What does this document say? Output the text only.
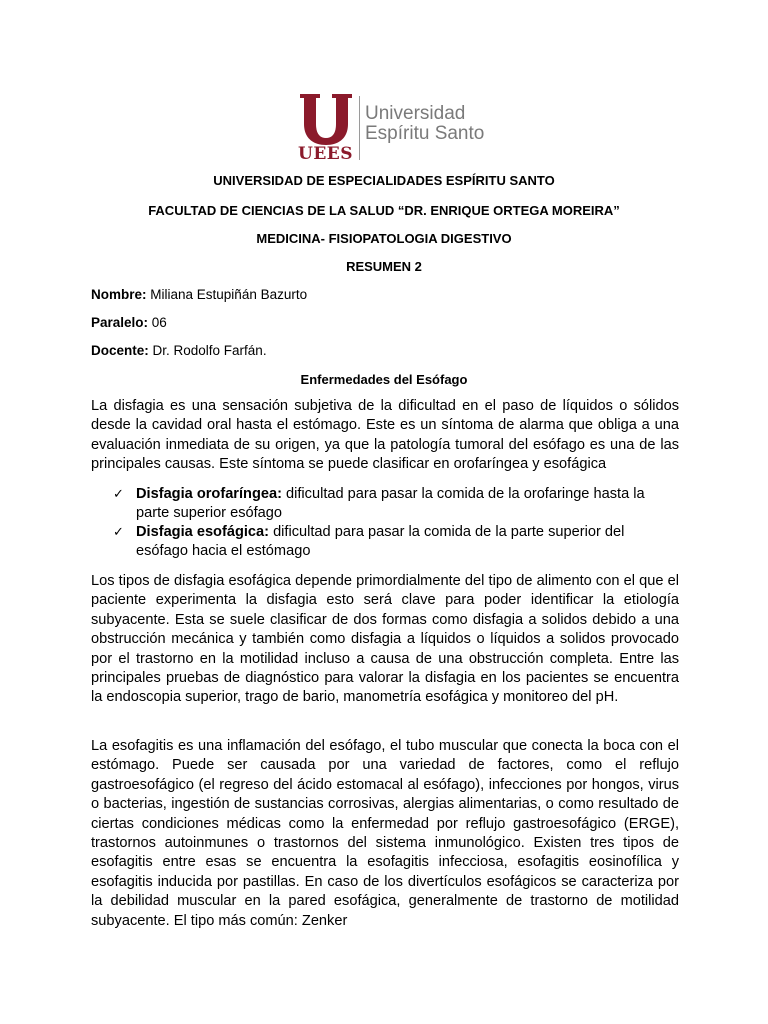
UEES
Universidad
Espíritu Santo
UNIVERSIDAD DE ESPECIALIDADES ESPÍRITU SANTO
FACULTAD DE CIENCIAS DE LA SALUD “DR. ENRIQUE ORTEGA MOREIRA”
MEDICINA- FISIOPATOLOGIA DIGESTIVO
RESUMEN 2
Nombre: Miliana Estupiñán Bazurto
Paralelo: 06
Docente: Dr. Rodolfo Farfán.
Enfermedades del Esófago
La disfagia es una sensación subjetiva de la dificultad en el paso de líquidos o sólidos desde la cavidad oral hasta el estómago. Este es un síntoma de alarma que obliga a una evaluación inmediata de su origen, ya que la patología tumoral del esófago es una de las principales causas. Este síntoma se puede clasificar en orofaríngea y esofágica
✓ Disfagia orofaríngea: dificultad para pasar la comida de la orofaringe hasta la parte superior esófago
✓ Disfagia esofágica: dificultad para pasar la comida de la parte superior del esófago hacia el estómago
Los tipos de disfagia esofágica depende primordialmente del tipo de alimento con el que el paciente experimenta la disfagia esto será clave para poder identificar la etiología subyacente. Esta se suele clasificar de dos formas como disfagia a solidos debido a una obstrucción mecánica y también como disfagia a líquidos o líquidos a solidos provocado por el trastorno en la motilidad incluso a causa de una obstrucción completa. Entre las principales pruebas de diagnóstico para valorar la disfagia en los pacientes se encuentra la endoscopia superior, trago de bario, manometría esofágica y monitoreo del pH.
La esofagitis es una inflamación del esófago, el tubo muscular que conecta la boca con el estómago. Puede ser causada por una variedad de factores, como el reflujo gastroesofágico (el regreso del ácido estomacal al esófago), infecciones por hongos, virus o bacterias, ingestión de sustancias corrosivas, alergias alimentarias, o como resultado de ciertas condiciones médicas como la enfermedad por reflujo gastroesofágico (ERGE), trastornos autoinmunes o trastornos del sistema inmunológico. Existen tres tipos de esofagitis entre esas se encuentra la esofagitis infecciosa, esofagitis eosinofílica y esofagitis inducida por pastillas. En caso de los divertículos esofágicos se caracteriza por la debilidad muscular en la pared esofágica, generalmente de trastorno de motilidad subyacente. El tipo más común: Zenker
